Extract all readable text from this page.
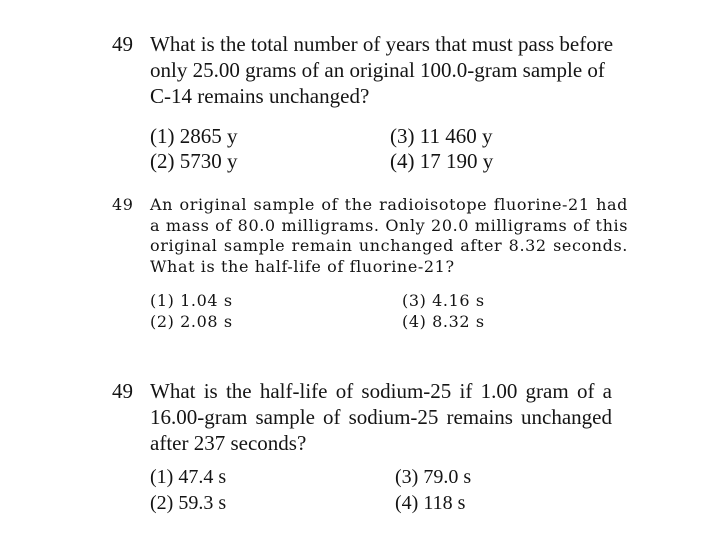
49 What is the total number of years that must pass before only 25.00 grams of an original 100.0-gram sample of C-14 remains unchanged?
(1) 2865 y
(2) 5730 y
(3) 11 460 y
(4) 17 190 y
49 An original sample of the radioisotope fluorine-21 had a mass of 80.0 milligrams. Only 20.0 milligrams of this original sample remain unchanged after 8.32 seconds. What is the half-life of fluorine-21?
(1) 1.04 s
(2) 2.08 s
(3) 4.16 s
(4) 8.32 s
49 What is the half-life of sodium-25 if 1.00 gram of a 16.00-gram sample of sodium-25 remains unchanged after 237 seconds?
(1) 47.4 s
(2) 59.3 s
(3) 79.0 s
(4) 118 s
